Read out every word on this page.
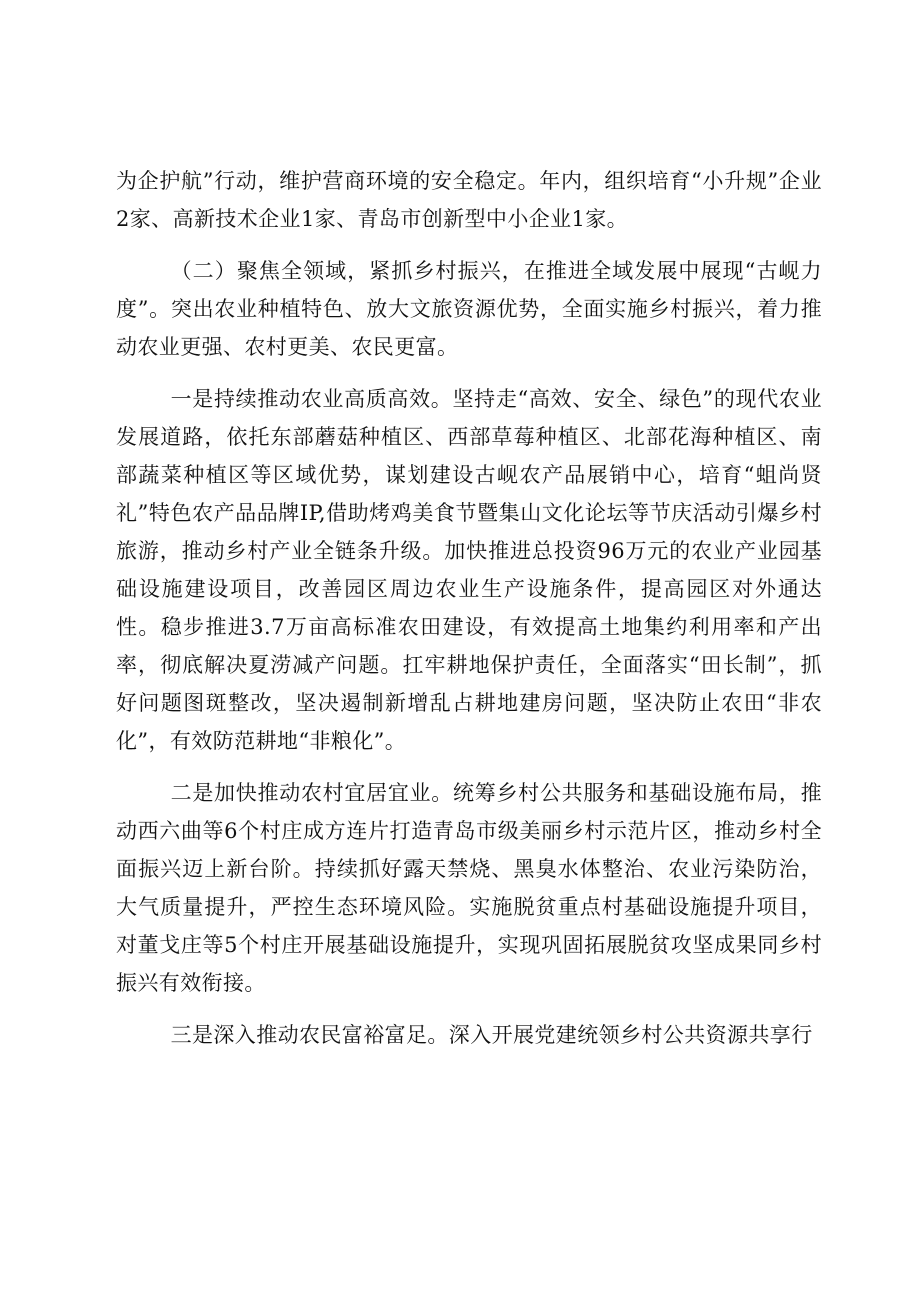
为企护航”行动，维护营商环境的安全稳定。年内，组织培育“小升规”企业2家、高新技术企业1家、青岛市创新型中小企业1家。

（二）聚焦全领域，紧抓乡村振兴，在推进全域发展中展现“古岘力度”。突出农业种植特色、放大文旅资源优势，全面实施乡村振兴，着力推动农业更强、农村更美、农民更富。

一是持续推动农业高质高效。坚持走“高效、安全、绿色”的现代农业发展道路，依托东部蘑菇种植区、西部草莓种植区、北部花海种植区、南部蔬菜种植区等区域优势，谋划建设古岘农产品展销中心，培育“蛆尚贤礼”特色农产品品牌IP,借助烤鸡美食节暨集山文化论坛等节庆活动引爆乡村旅游，推动乡村产业全链条升级。加快推进总投资96万元的农业产业园基础设施建设项目，改善园区周边农业生产设施条件，提高园区对外通达性。稳步推进3.7万亩高标准农田建设，有效提高土地集约利用率和产出率，彻底解决夏涝减产问题。扛牢耕地保护责任，全面落实“田长制”，抓好问题图斑整改，坚决遏制新增乱占耕地建房问题，坚决防止农田“非农化”，有效防范耕地“非粮化”。

二是加快推动农村宜居宜业。统筹乡村公共服务和基础设施布局，推动西六曲等6个村庄成方连片打造青岛市级美丽乡村示范片区，推动乡村全面振兴迈上新台阶。持续抓好露天禁烧、黑臭水体整治、农业污染防治，大气质量提升，严控生态环境风险。实施脱贫重点村基础设施提升项目，对董戈庄等5个村庄开展基础设施提升，实现巩固拓展脱贫攻坚成果同乡村振兴有效衔接。

三是深入推动农民富裕富足。深入开展党建统领乡村公共资源共享行
